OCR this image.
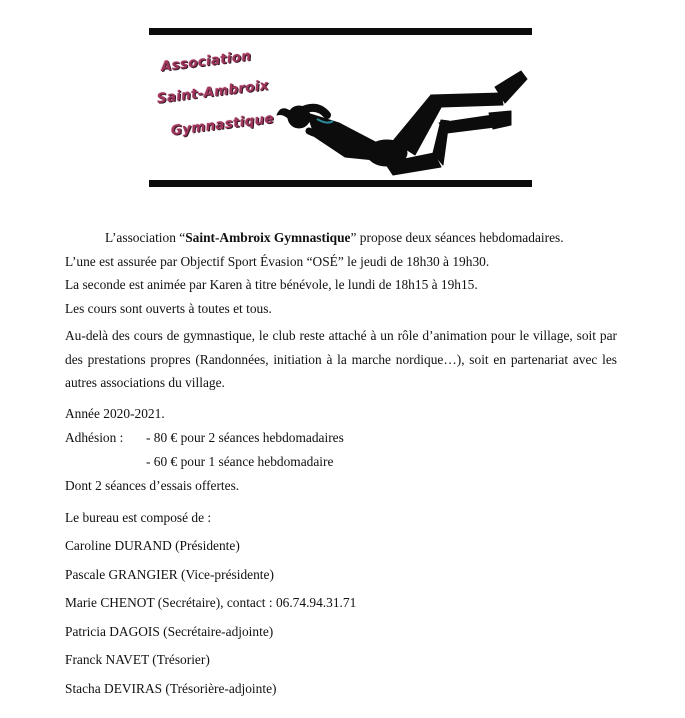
Association
Saint-Ambroix
Gymnastique
L’association “Saint-Ambroix Gymnastique” propose deux séances hebdomadaires.
L’une est assurée par Objectif Sport Évasion “OSÉ” le jeudi de 18h30 à 19h30.
La seconde est animée par Karen à titre bénévole, le lundi de 18h15 à 19h15.
Les cours sont ouverts à toutes et tous.
Au-delà des cours de gymnastique, le club reste attaché à un rôle d’animation pour le village, soit par des prestations propres (Randonnées, initiation à la marche nordique…), soit en partenariat avec les autres associations du village.
Année 2020-2021.
Adhésion : - 80 € pour 2 séances hebdomadaires
- 60 € pour 1 séance hebdomadaire
Dont 2 séances d’essais offertes.
Le bureau est composé de :
Caroline DURAND (Présidente)
Pascale GRANGIER (Vice-présidente)
Marie CHENOT (Secrétaire), contact : 06.74.94.31.71
Patricia DAGOIS (Secrétaire-adjointe)
Franck NAVET (Trésorier)
Stacha DEVIRAS (Trésorière-adjointe)
